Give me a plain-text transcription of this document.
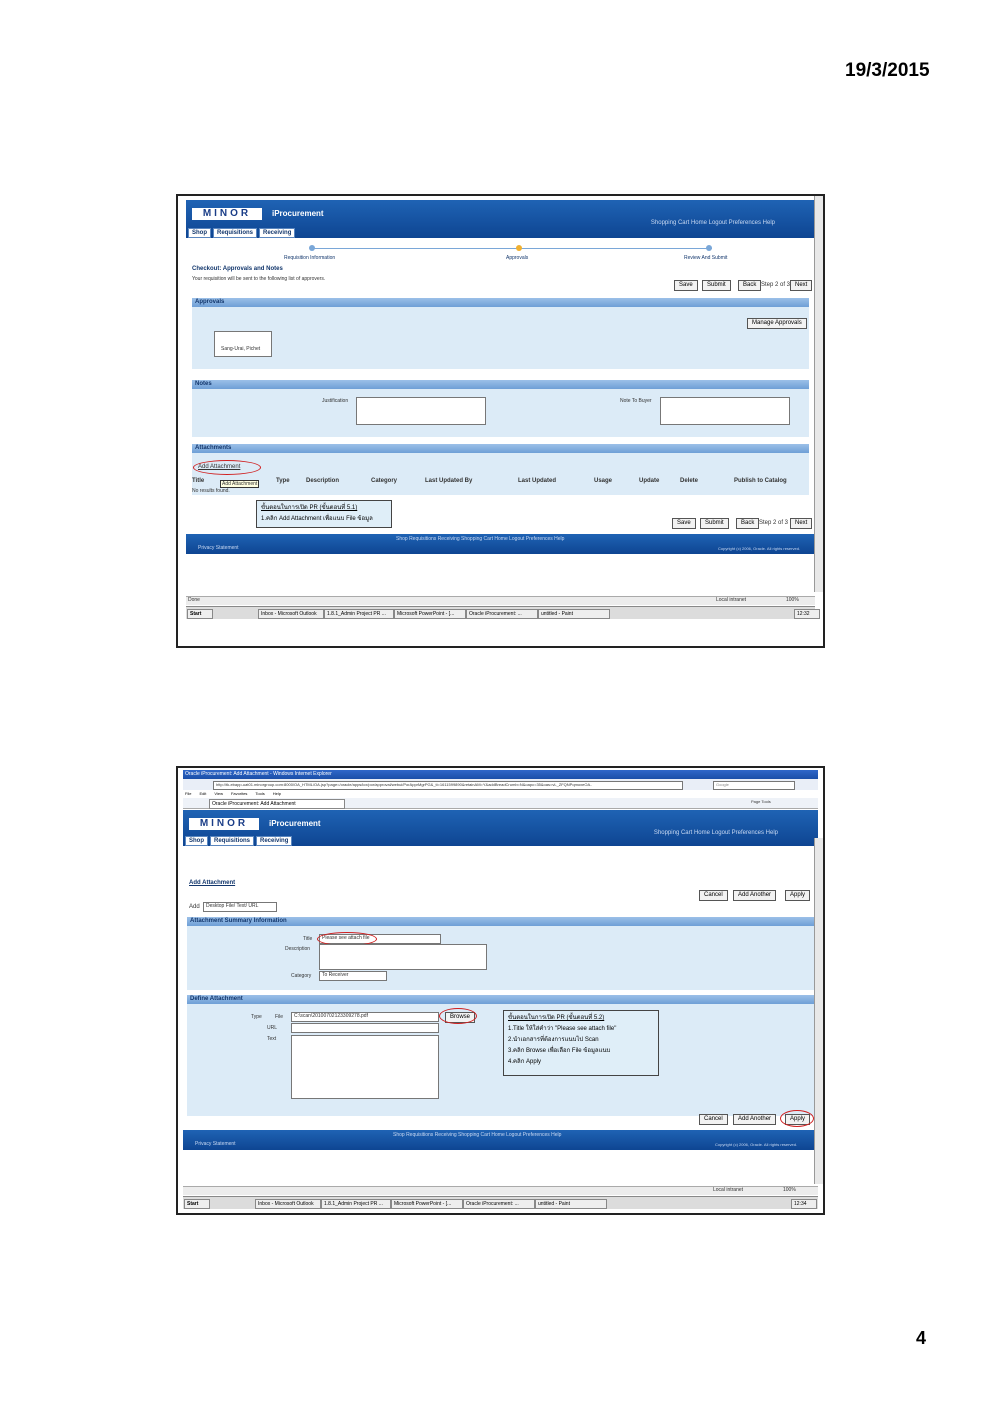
19/3/2015
MINOR	iProcurement
Shopping Cart Home Logout Preferences Help
Shop	Requisitions	Receiving
Requisition Information	Approvals	Review And Submit
Checkout: Approvals and Notes
Your requisition will be sent to the following list of approvers.
Save	Submit	Back Step 2 of 3 Next
Approvals
Manage Approvals
Sang-Urai, Pichet
Notes
Justification	Note To Buyer
Attachments
Add Attachment
Title	Add Attachment	Type	Description	Category	Last Updated By	Last Updated	Usage	Update	Delete	Publish to Catalog
No results found.
ขั้นตอนในการเปิด PR (ขั้นตอนที่ 5.1)
1.คลิก Add Attachment เพื่อแนบ File ข้อมูล
Save	Submit	Back Step 2 of 3	Next
Shop Requisitions Receiving Shopping Cart Home Logout Preferences Help
Privacy Statement	Copyright (c) 2006, Oracle. All rights reserved.
Done	Local intranet	100%
Start	Inbox - Microsoft Outlook	1.8.1_Admin Project PR ...	Microsoft PowerPoint - [...	Oracle iProcurement: ...	untitled - Paint	12:32
Oracle iProcurement: Add Attachment - Windows Internet Explorer
http://tk-ebapp-uat01.minorgroup.com:8000/OA_HTML/OA.jsp?page=/oracle/apps/icx/por/approval/webui/PorApprMgrPG&_ti=1611599890&retainAM=Y&addBreadCrumb=N&oapc=35&oas=vL_ZFQNPqmoxeOA..	Google
File Edit View Favorites Tools Help
Oracle iProcurement: Add Attachment	Page Tools
MINOR	iProcurement
Shopping Cart Home Logout Preferences Help
Shop	Requisitions	Receiving
Add Attachment
Cancel	Add Another	Apply
Add Desktop File/ Text/ URL
Attachment Summary Information
Title Please see attach file
Description
Category To Receiver
Define Attachment
Type	File C:\scan\20100702123309278.pdf	Browse
URL
Text
ขั้นตอนในการเปิด PR (ขั้นตอนที่ 5.2)
1.Title ให้ใส่คำว่า "Please see attach file"
2.นำเอกสารที่ต้องการแนบไป Scan
3.คลิก Browse เพื่อเลือก File ข้อมูลแนบ
4.คลิก Apply
Cancel	Add Another	Apply
Shop Requisitions Receiving Shopping Cart Home Logout Preferences Help
Privacy Statement	Copyright (c) 2006, Oracle. All rights reserved.
Local intranet	100%
Start	Inbox - Microsoft Outlook	1.8.1_Admin Project PR ...	Microsoft PowerPoint - [...	Oracle iProcurement: ...	untitled - Paint	12:34
4
